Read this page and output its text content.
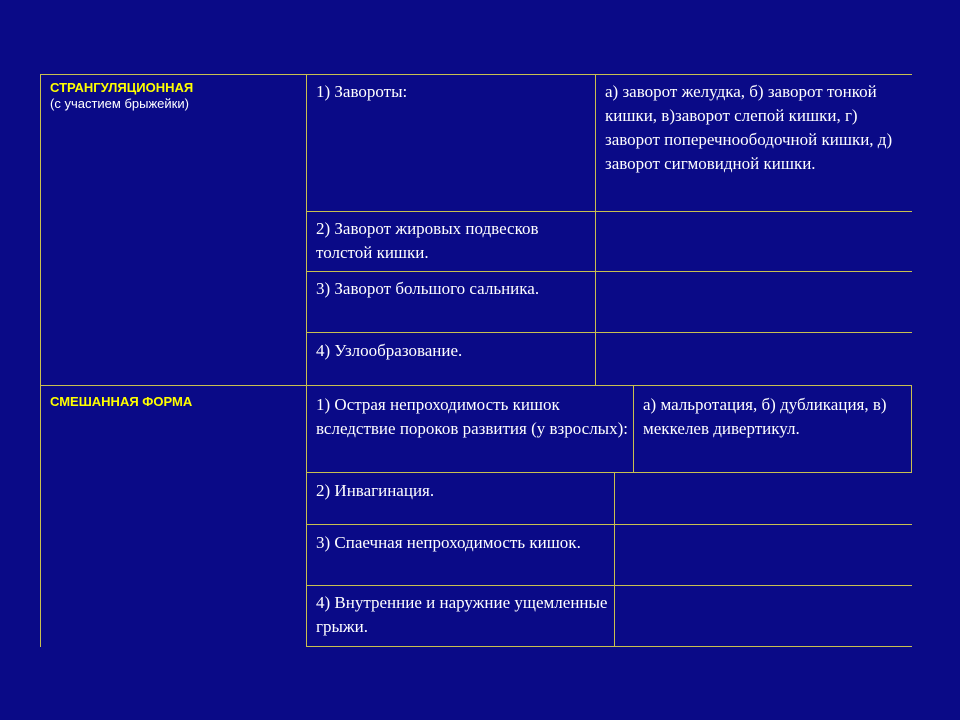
СТРАНГУЛЯЦИОННАЯ
(с участием брыжейки)
1) Завороты:	а) заворот желудка, б) заворот тонкой кишки, в)заворот слепой кишки, г) заворот поперечноободочной кишки, д) заворот сигмовидной кишки.
2) Заворот жировых подвесков толстой кишки.
3) Заворот большого сальника.
4) Узлообразование.
СМЕШАННАЯ ФОРМА	1) Острая непроходимость кишок вследствие пороков развития (у взрослых):
а) мальротация, б) дубликация, в) меккелев дивертикул.
2) Инвагинация.
3) Спаечная непроходимость кишок.
4) Внутренние и наружние ущемленные грыжи.
